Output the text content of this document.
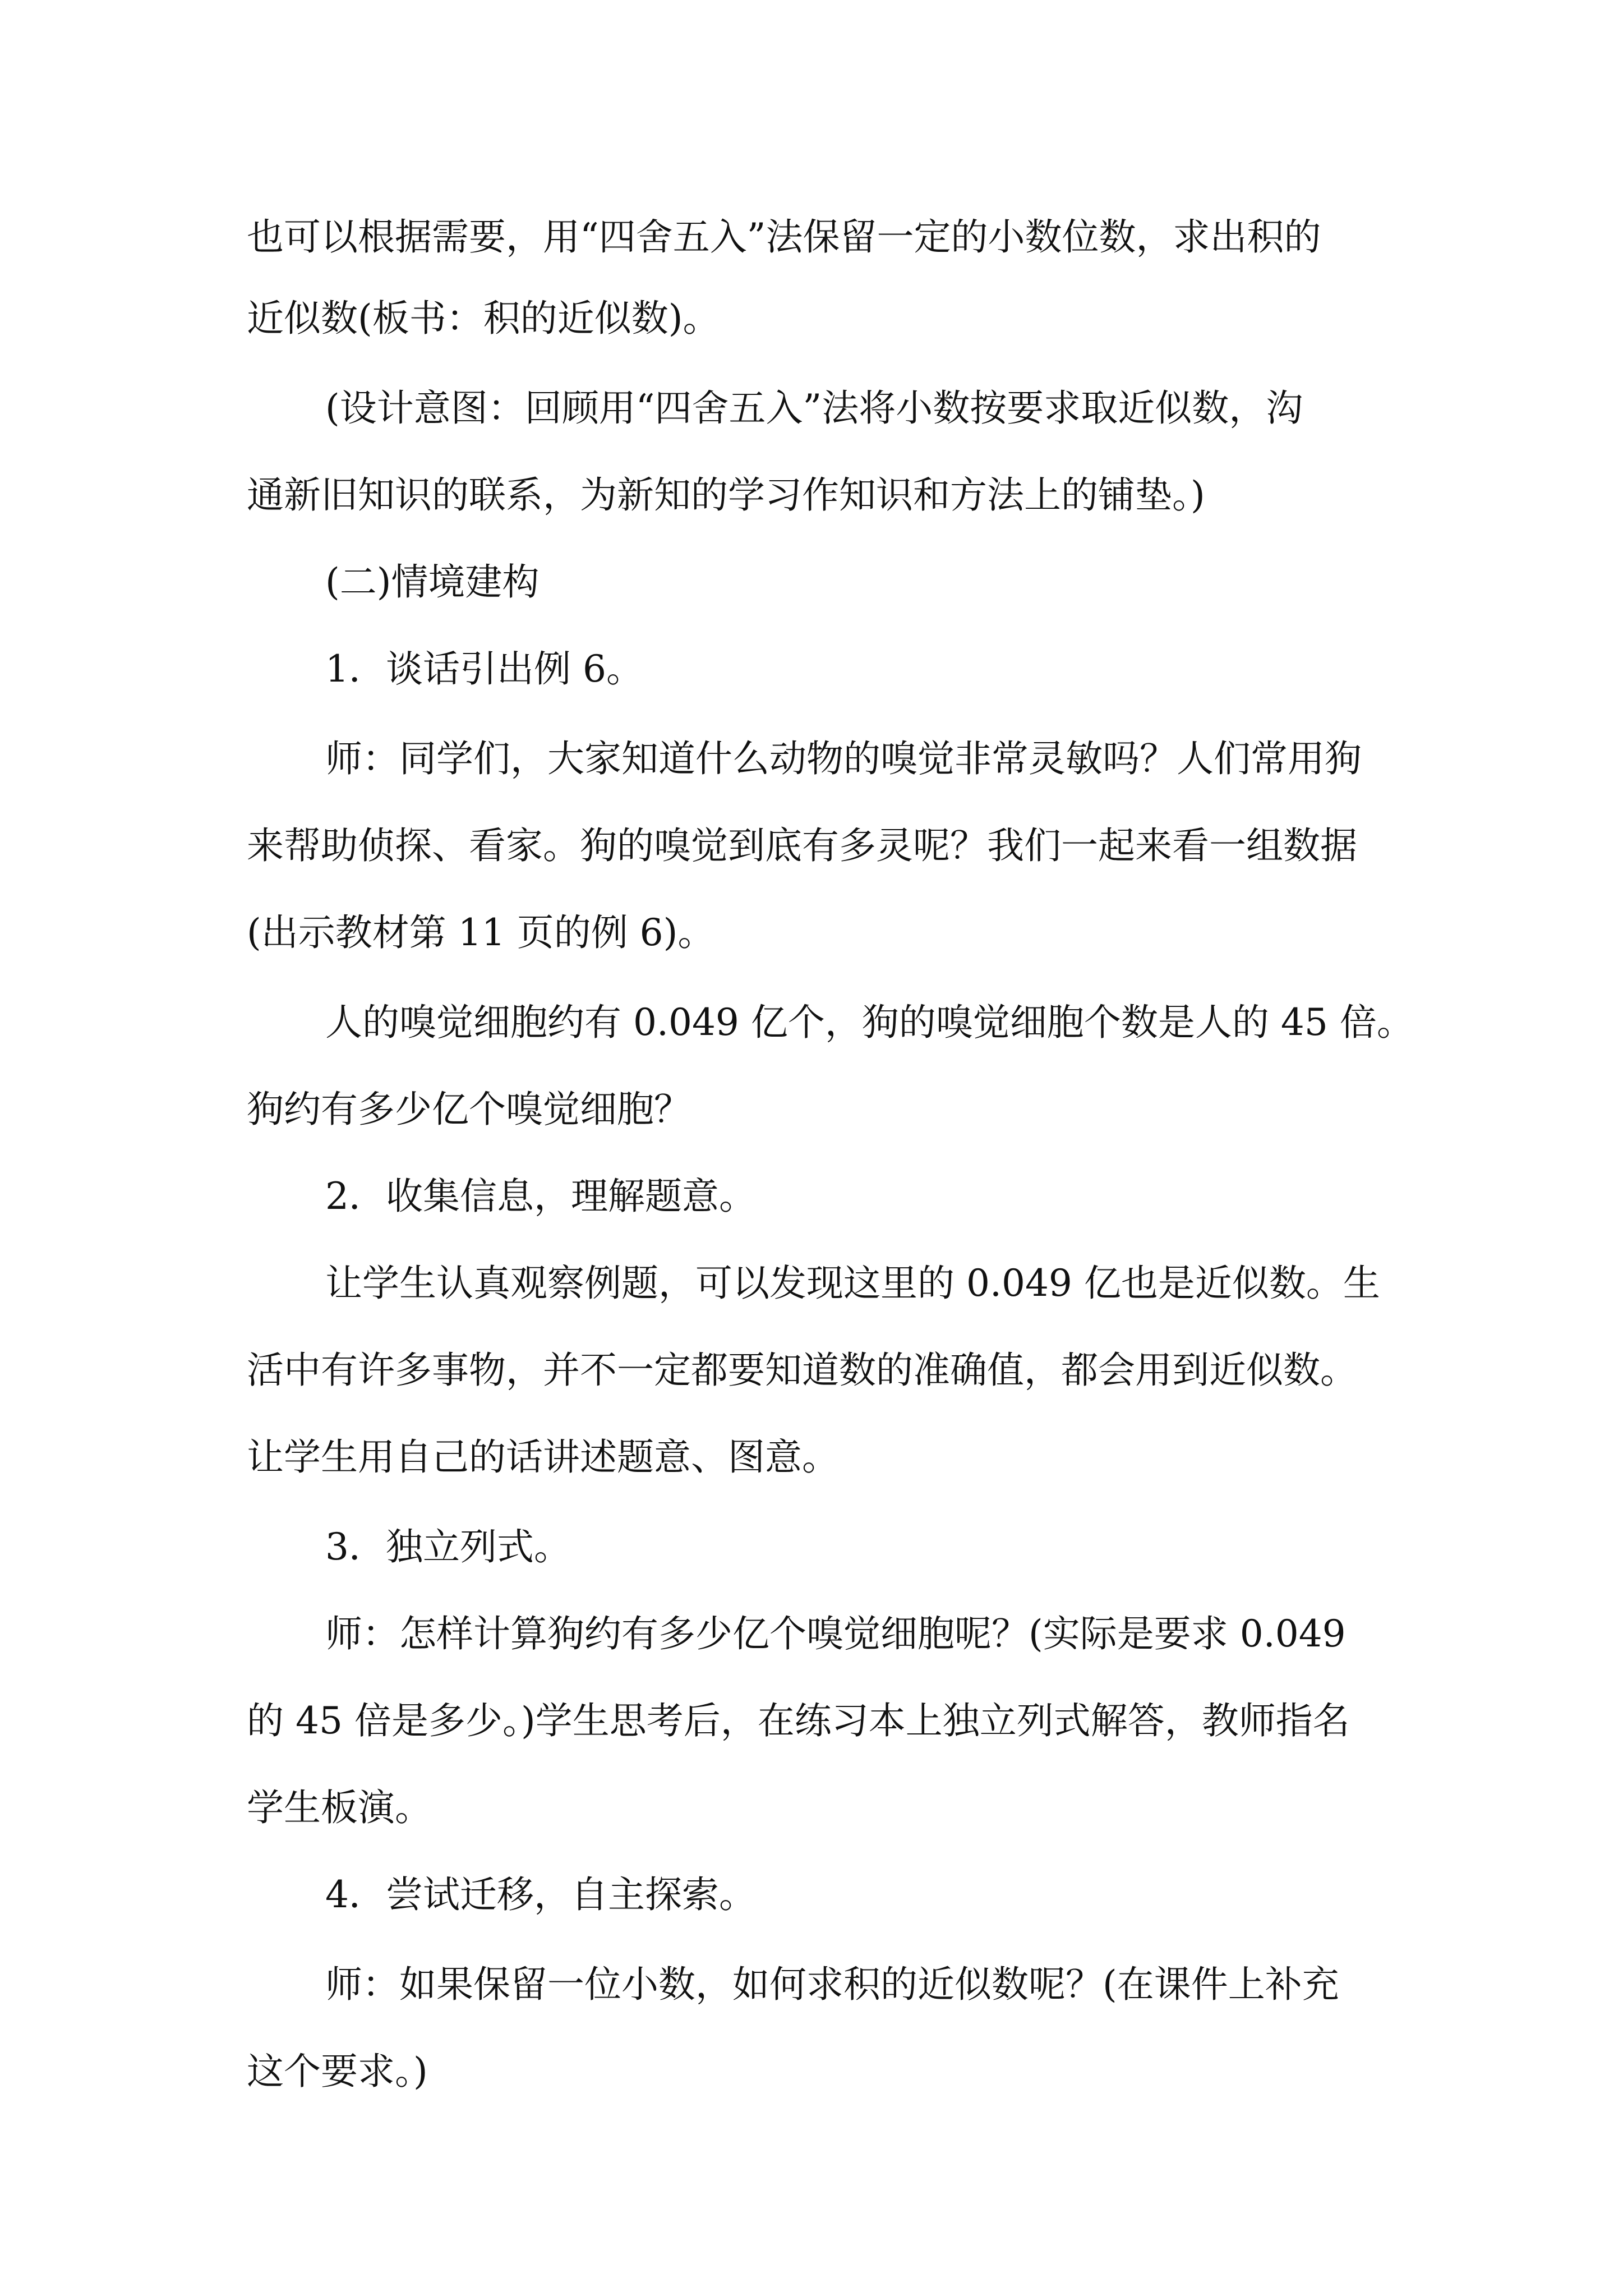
也可以根据需要，用“四舍五入”法保留一定的小数位数，求出积的
近似数(板书：积的近似数)。
(设计意图：回顾用“四舍五入”法将小数按要求取近似数，沟
通新旧知识的联系，为新知的学习作知识和方法上的铺垫。)
(二)情境建构
1．谈话引出例 6。
师：同学们，大家知道什么动物的嗅觉非常灵敏吗？人们常用狗
来帮助侦探、看家。狗的嗅觉到底有多灵呢？我们一起来看一组数据
(出示教材第 11 页的例 6)。
人的嗅觉细胞约有 0.049 亿个，狗的嗅觉细胞个数是人的 45 倍。
狗约有多少亿个嗅觉细胞？
2．收集信息，理解题意。
让学生认真观察例题，可以发现这里的 0.049 亿也是近似数。生
活中有许多事物，并不一定都要知道数的准确值，都会用到近似数。
让学生用自己的话讲述题意、图意。
3．独立列式。
师：怎样计算狗约有多少亿个嗅觉细胞呢？(实际是要求 0.049
的 45 倍是多少。)学生思考后，在练习本上独立列式解答，教师指名
学生板演。
4．尝试迁移，自主探索。
师：如果保留一位小数，如何求积的近似数呢？(在课件上补充
这个要求。)
